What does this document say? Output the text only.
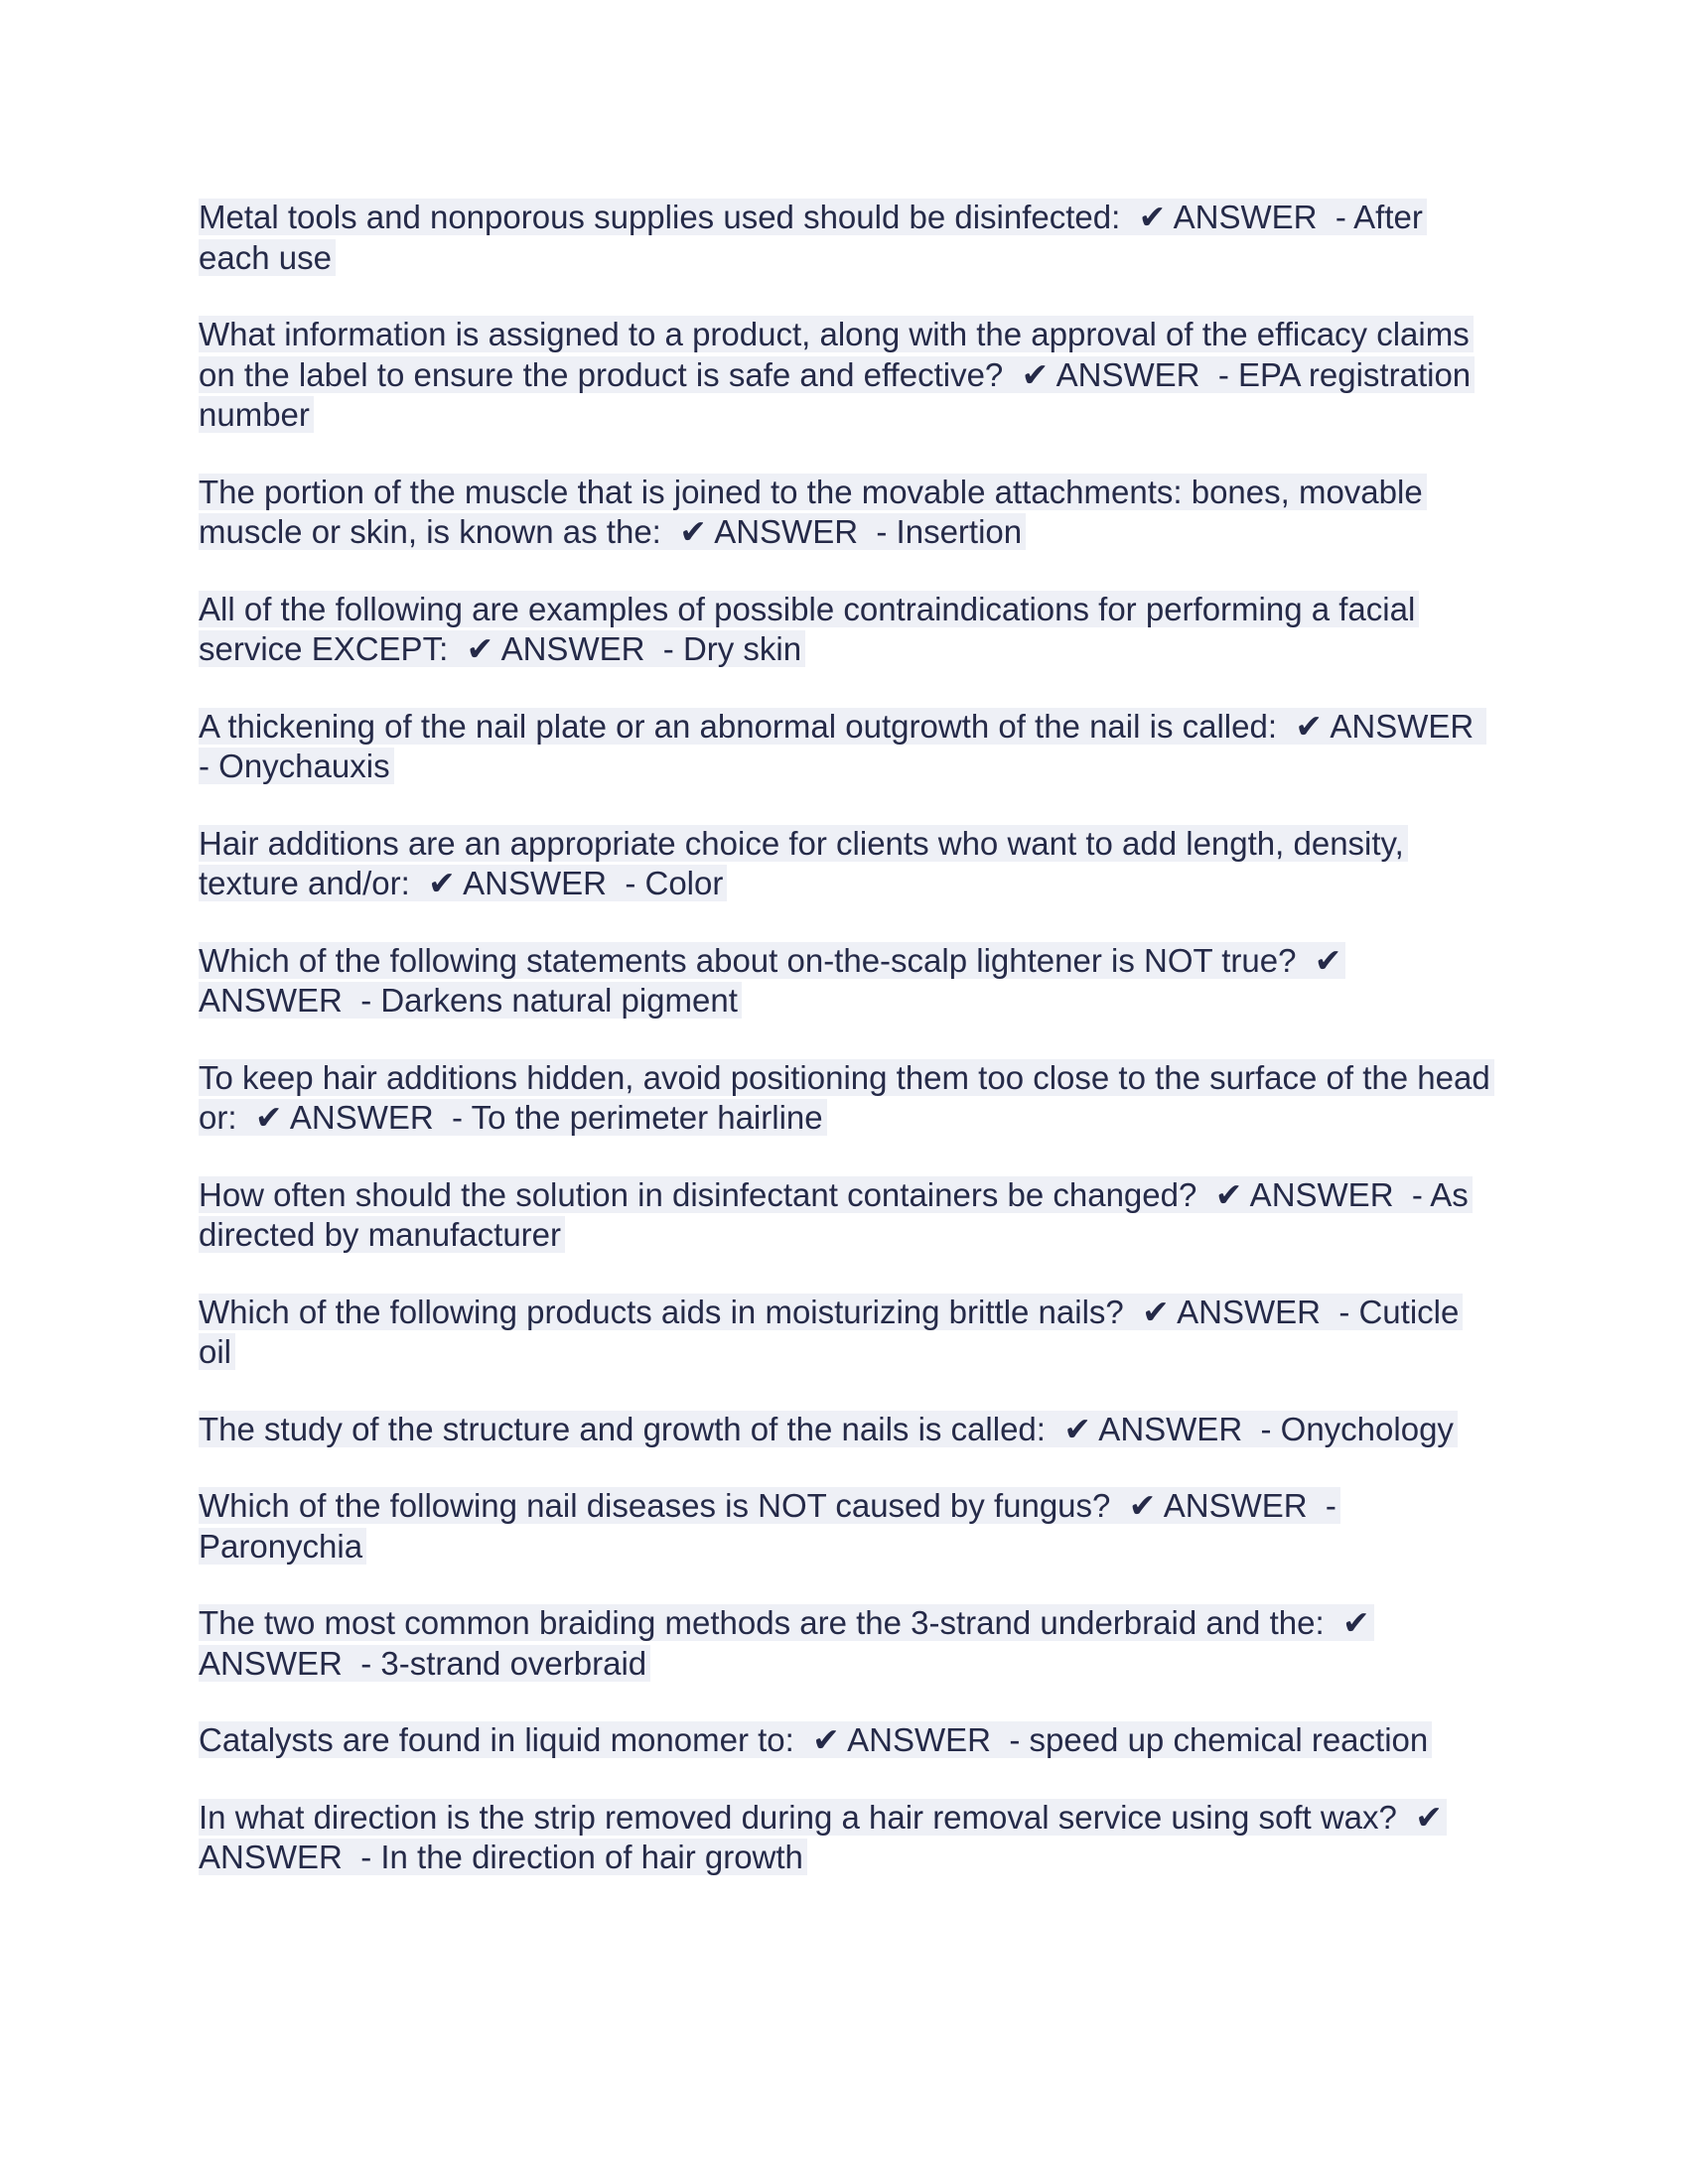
Metal tools and nonporous supplies used should be disinfected: ✔ ANSWER - After each use

What information is assigned to a product, along with the approval of the efficacy claims on the label to ensure the product is safe and effective? ✔ ANSWER - EPA registration number

The portion of the muscle that is joined to the movable attachments: bones, movable muscle or skin, is known as the: ✔ ANSWER - Insertion

All of the following are examples of possible contraindications for performing a facial service EXCEPT: ✔ ANSWER - Dry skin

A thickening of the nail plate or an abnormal outgrowth of the nail is called: ✔ ANSWER  - Onychauxis

Hair additions are an appropriate choice for clients who want to add length, density, texture and/or: ✔ ANSWER - Color

Which of the following statements about on-the-scalp lightener is NOT true? ✔ ANSWER - Darkens natural pigment

To keep hair additions hidden, avoid positioning them too close to the surface of the head or: ✔ ANSWER - To the perimeter hairline

How often should the solution in disinfectant containers be changed? ✔ ANSWER - As directed by manufacturer

Which of the following products aids in moisturizing brittle nails? ✔ ANSWER - Cuticle oil

The study of the structure and growth of the nails is called: ✔ ANSWER - Onychology

Which of the following nail diseases is NOT caused by fungus? ✔ ANSWER - Paronychia

The two most common braiding methods are the 3-strand underbraid and the: ✔ ANSWER - 3-strand overbraid

Catalysts are found in liquid monomer to: ✔ ANSWER - speed up chemical reaction

In what direction is the strip removed during a hair removal service using soft wax? ✔ ANSWER - In the direction of hair growth
